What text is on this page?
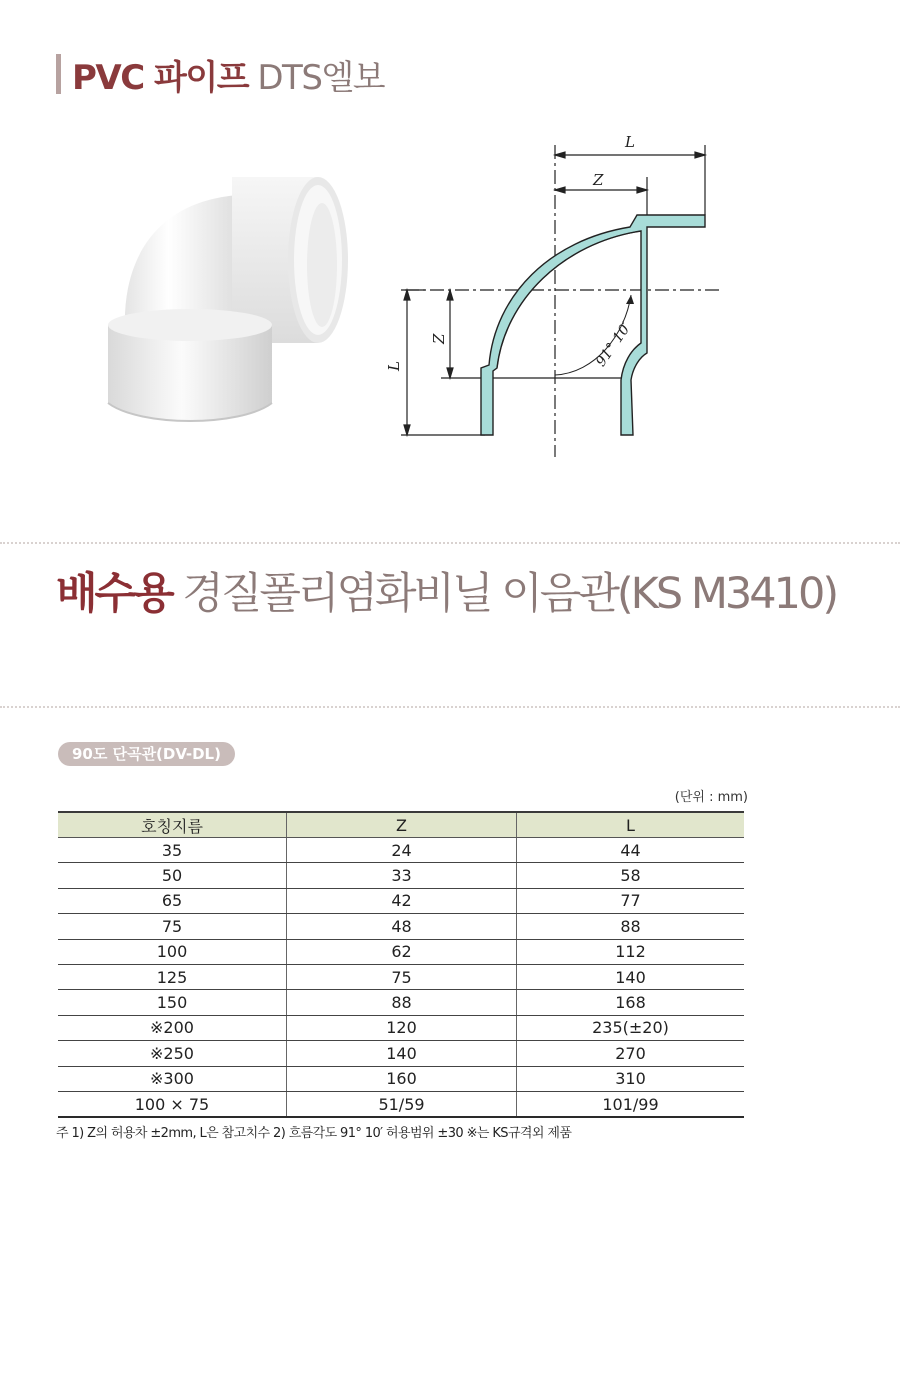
PVC 파이프 DTS엘보
L
Z
L
Z	91° 10′
배수용 경질폴리염화비닐 이음관(KS M3410)
90도 단곡관(DV-DL)
(단위 : mm)
호칭지름	Z	L
35	24	44
50	33	58
65	42	77
75	48	88
100	62	112
125	75	140
150	88	168
※200	120	235(±20)
※250	140	270
※300	160	310
100 × 75	51/59	101/99
주 1) Z의 허용차 ±2mm, L은 참고치수 2) 흐름각도 91° 10′ 허용범위 ±30 ※는 KS규격외 제품
